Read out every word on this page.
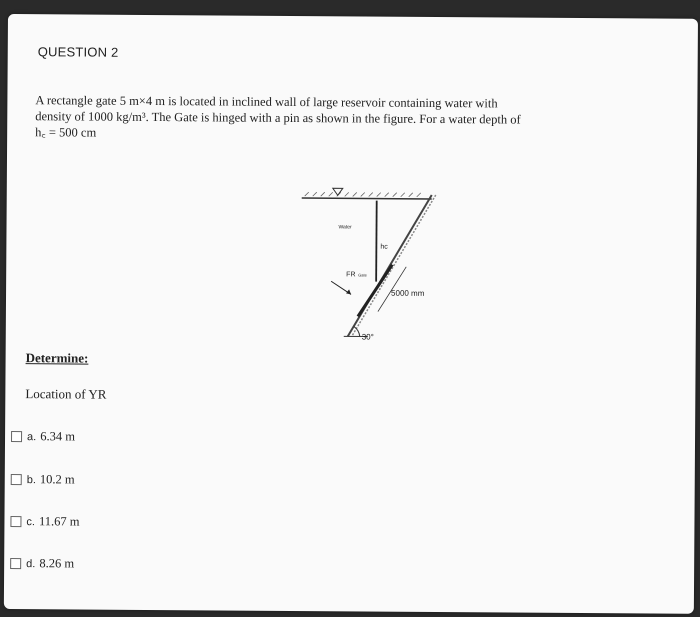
QUESTION 2
A rectangle gate 5 m×4 m is located in inclined wall of large reservoir containing water with
density of 1000 kg/m³. The Gate is hinged with a pin as shown in the figure. For a water depth of
h꜀ = 500 cm
Water
hc
FR Gate
5000 mm
30°
Determine:
Location of YR
a. 6.34 m
b. 10.2 m
c. 11.67 m
d. 8.26 m
